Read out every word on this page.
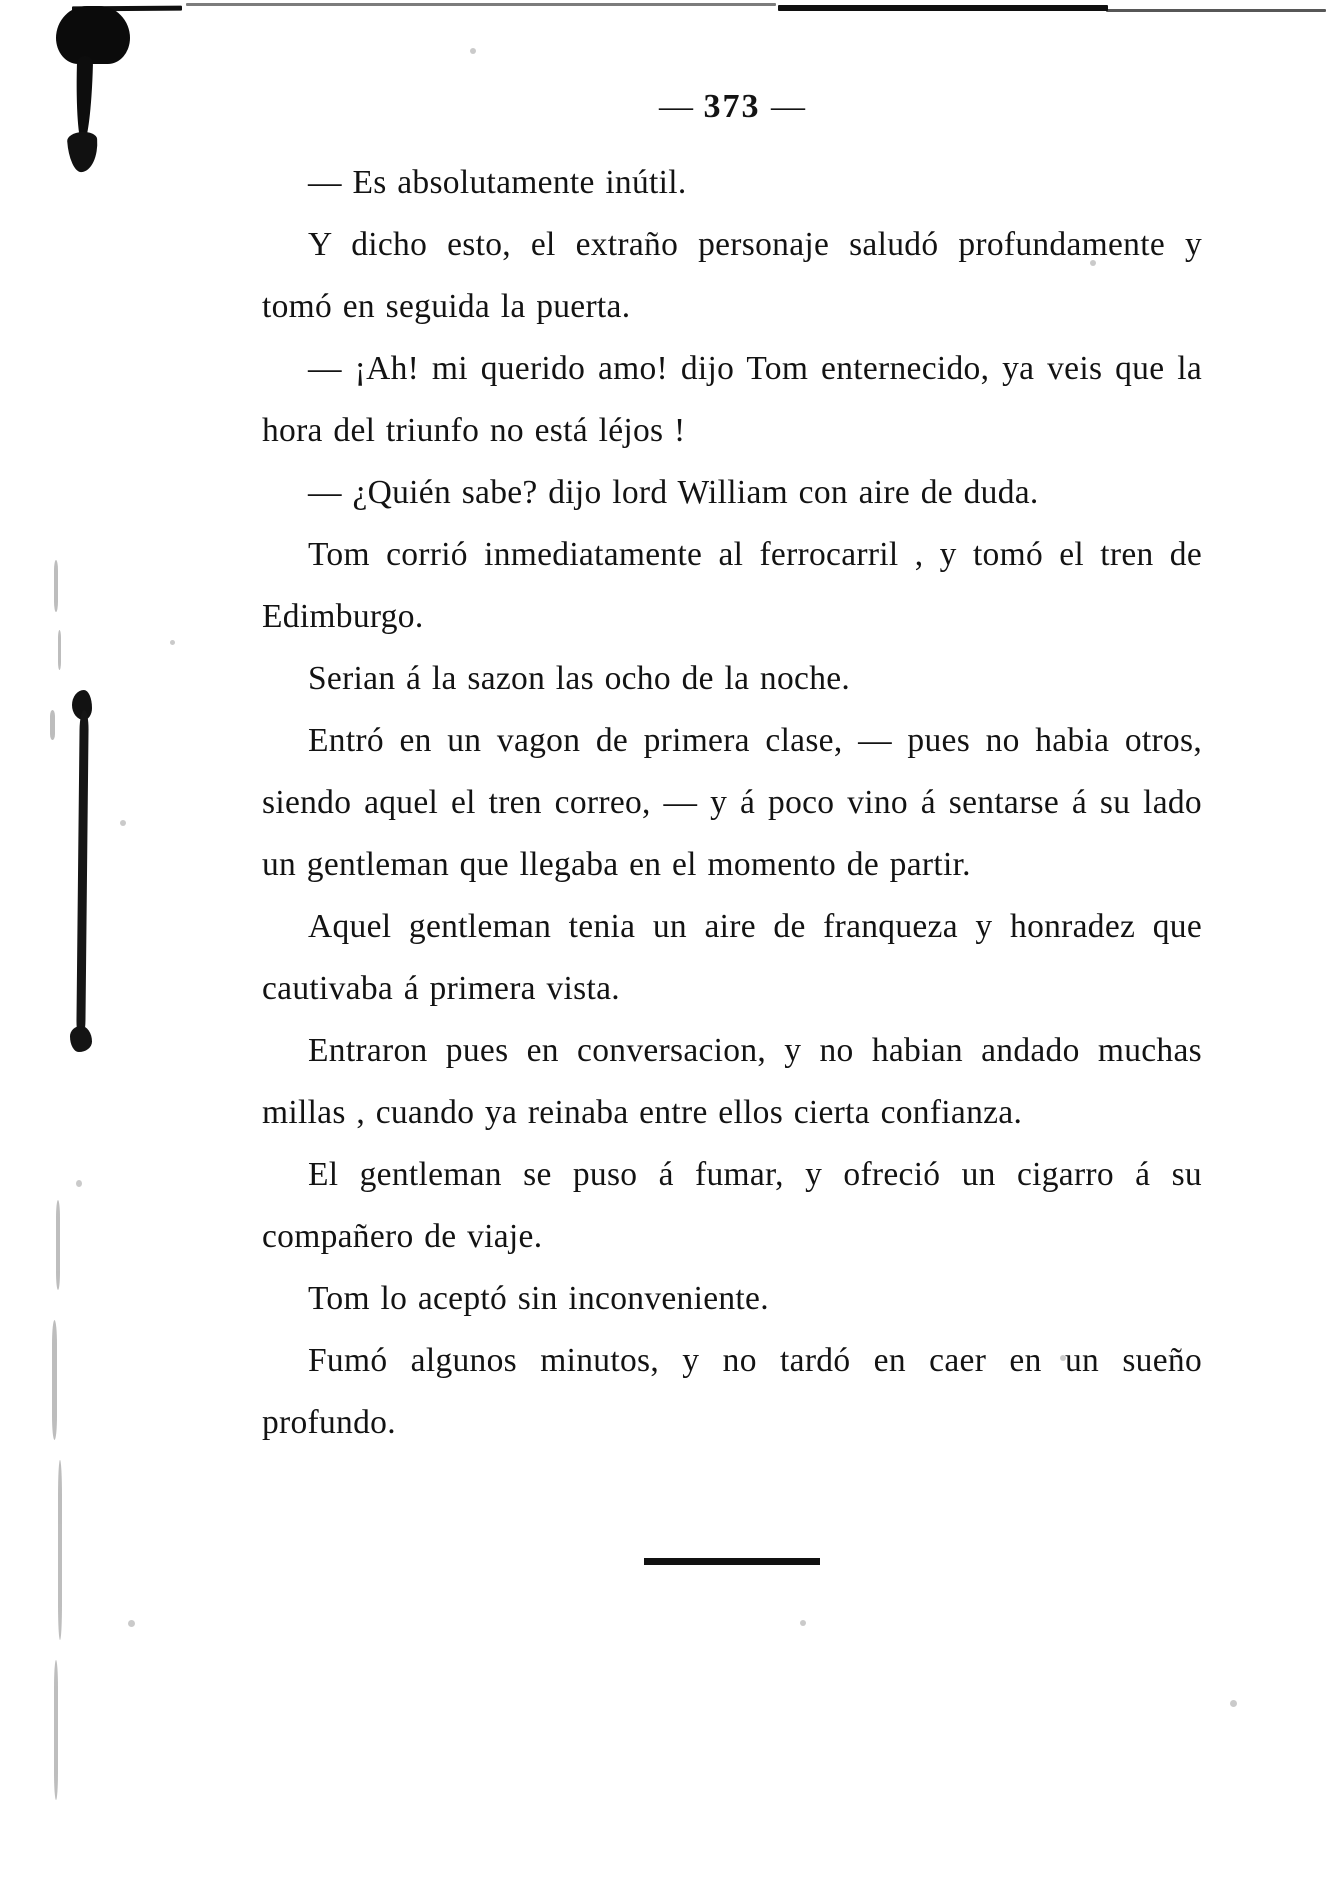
— 373 —

— Es absolutamente inútil.

Y dicho esto, el extraño personaje saludó profundamente y tomó en seguida la puerta.

— ¡Ah! mi querido amo! dijo Tom enternecido, ya veis que la hora del triunfo no está léjos !

— ¿Quién sabe? dijo lord William con aire de duda.

Tom corrió inmediatamente al ferrocarril , y tomó el tren de Edimburgo.

Serian á la sazon las ocho de la noche.

Entró en un vagon de primera clase, — pues no habia otros, siendo aquel el tren correo, — y á poco vino á sentarse á su lado un gentleman que llegaba en el momento de partir.

Aquel gentleman tenia un aire de franqueza y honradez que cautivaba á primera vista.

Entraron pues en conversacion, y no habian andado muchas millas , cuando ya reinaba entre ellos cierta confianza.

El gentleman se puso á fumar, y ofreció un cigarro á su compañero de viaje.

Tom lo aceptó sin inconveniente.

Fumó algunos minutos, y no tardó en caer en un sueño profundo.
